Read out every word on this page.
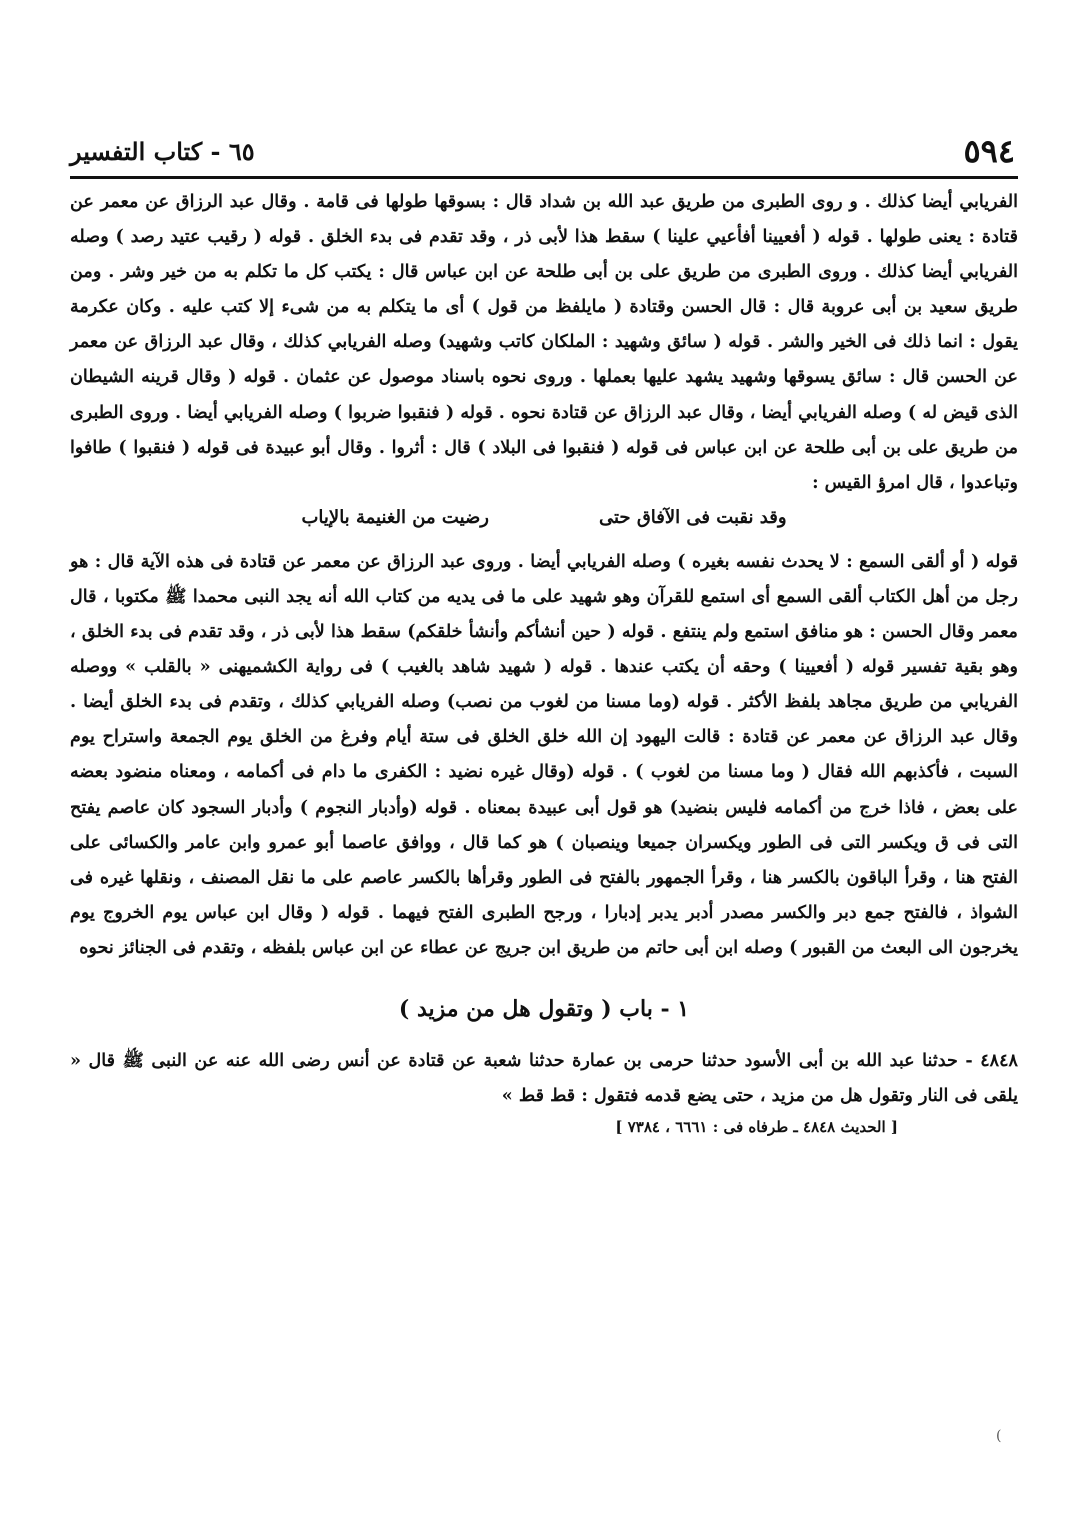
٥٩٤
٦٥ - كتاب التفسير

الفريابي أيضا كذلك . و روى الطبرى من طريق عبد الله بن شداد قال : بسوقها طولها فى قامة . وقال عبد الرزاق عن معمر عن قتادة : يعنى طولها . قوله ( أفعيينا أفأعيي علينا ) سقط هذا لأبى ذر ، وقد تقدم فى بدء الخلق . قوله ( رقيب عتيد رصد ) وصله الفريابي أيضا كذلك . وروى الطبرى من طريق على بن أبى طلحة عن ابن عباس قال : يكتب كل ما تكلم به من خير وشر . ومن طريق سعيد بن أبى عروبة قال : قال الحسن وقتادة ( مايلفظ من قول ) أى ما يتكلم به من شىء إلا كتب عليه . وكان عكرمة يقول : انما ذلك فى الخير والشر . قوله ( سائق وشهيد : الملكان كاتب وشهيد) وصله الفريابي كذلك ، وقال عبد الرزاق عن معمر عن الحسن قال : سائق يسوقها وشهيد يشهد عليها بعملها . وروى نحوه باسناد موصول عن عثمان . قوله ( وقال قرينه الشيطان الذى قيض له ) وصله الفريابي أيضا ، وقال عبد الرزاق عن قتادة نحوه . قوله ( فنقبوا ضربوا ) وصله الفريابي أيضا . وروى الطبرى من طريق على بن أبى طلحة عن ابن عباس فى قوله ( فنقبوا فى البلاد ) قال : أثروا . وقال أبو عبيدة فى قوله ( فنقبوا ) طافوا وتباعدوا ، قال امرؤ القيس :

وقد نقبت فى الآفاق حتى
رضيت من الغنيمة بالإياب

قوله ( أو ألقى السمع : لا يحدث نفسه بغيره ) وصله الفريابي أيضا . وروى عبد الرزاق عن معمر عن قتادة فى هذه الآية قال : هو رجل من أهل الكتاب ألقى السمع أى استمع للقرآن وهو شهيد على ما فى يديه من كتاب الله أنه يجد النبى محمدا ﷺ مكتوبا ، قال معمر وقال الحسن : هو منافق استمع ولم ينتفع . قوله ( حين أنشأكم وأنشأ خلقكم) سقط هذا لأبى ذر ، وقد تقدم فى بدء الخلق ، وهو بقية تفسير قوله ( أفعيينا ) وحقه أن يكتب عندها . قوله ( شهيد شاهد بالغيب ) فى رواية الكشميهنى « بالقلب » ووصله الفريابي من طريق مجاهد بلفظ الأكثر . قوله (وما مسنا من لغوب من نصب) وصله الفريابي كذلك ، وتقدم فى بدء الخلق أيضا . وقال عبد الرزاق عن معمر عن قتادة : قالت اليهود إن الله خلق الخلق فى ستة أيام وفرغ من الخلق يوم الجمعة واستراح يوم السبت ، فأكذبهم الله فقال ( وما مسنا من لغوب ) . قوله (وقال غيره نضيد : الكفرى ما دام فى أكمامه ، ومعناه منضود بعضه على بعض ، فاذا خرج من أكمامه فليس بنضيد) هو قول أبى عبيدة بمعناه . قوله (وأدبار النجوم ) وأدبار السجود كان عاصم يفتح التى فى ق ويكسر التى فى الطور ويكسران جميعا وينصبان ) هو كما قال ، ووافق عاصما أبو عمرو وابن عامر والكسائى على الفتح هنا ، وقرأ الباقون بالكسر هنا ، وقرأ الجمهور بالفتح فى الطور وقرأها بالكسر عاصم على ما نقل المصنف ، ونقلها غيره فى الشواذ ، فالفتح جمع دبر والكسر مصدر أدبر يدبر إدبارا ، ورجح الطبرى الفتح فيهما . قوله ( وقال ابن عباس يوم الخروج يوم يخرجون الى البعث من القبور ) وصله ابن أبى حاتم من طريق ابن جريج عن عطاء عن ابن عباس بلفظه ، وتقدم فى الجنائز نحوه

١ - باب ( وتقول هل من مزيد )

٤٨٤٨ - حدثنا عبد الله بن أبى الأسود حدثنا حرمى بن عمارة حدثنا شعبة عن قتادة عن أنس رضى الله عنه عن النبى ﷺ قال « يلقى فى النار وتقول هل من مزيد ، حتى يضع قدمه فتقول : قط قط »

[ الحديث ٤٨٤٨ ـ طرفاه فى : ٦٦٦١ ، ٧٣٨٤ ]
(
